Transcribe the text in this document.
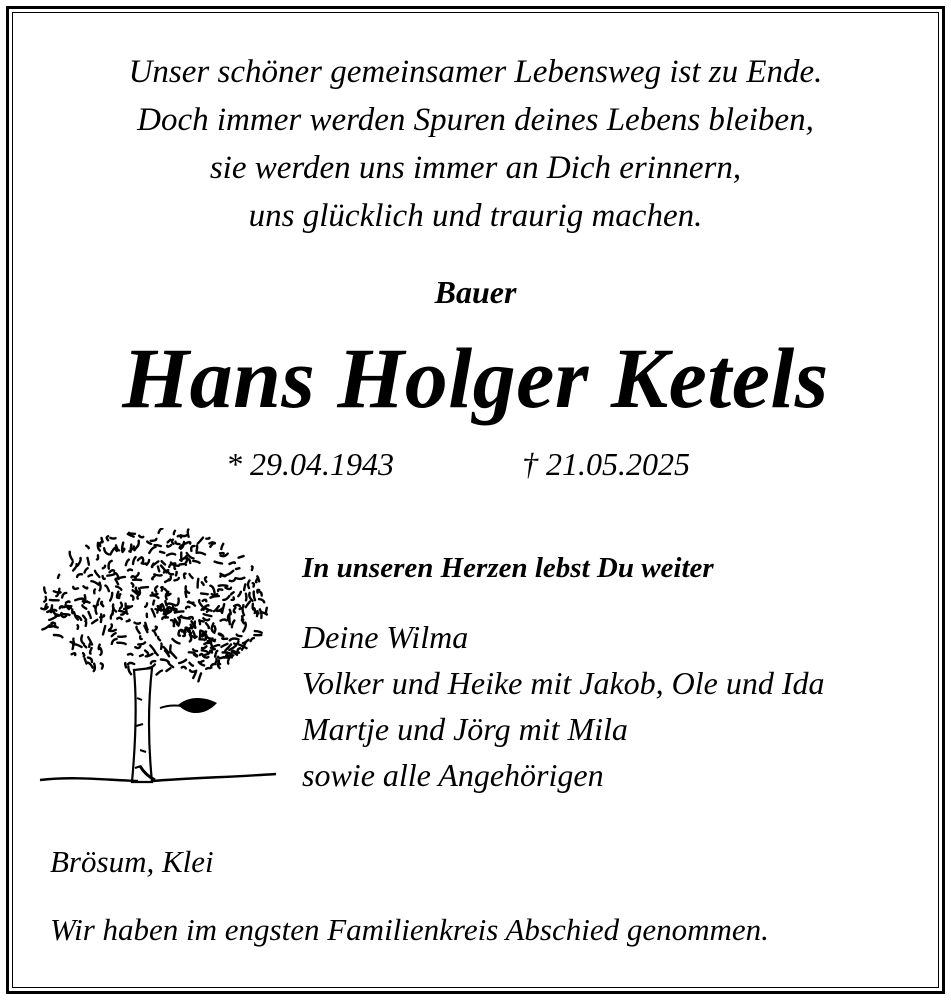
Unser schöner gemeinsamer Lebensweg ist zu Ende.
Doch immer werden Spuren deines Lebens bleiben,
sie werden uns immer an Dich erinnern,
uns glücklich und traurig machen.
Bauer
Hans Holger Ketels
* 29.04.1943	† 21.05.2025
In unseren Herzen lebst Du weiter
Deine Wilma
Volker und Heike mit Jakob, Ole und Ida
Martje und Jörg mit Mila
sowie alle Angehörigen
Brösum, Klei
Wir haben im engsten Familienkreis Abschied genommen.
